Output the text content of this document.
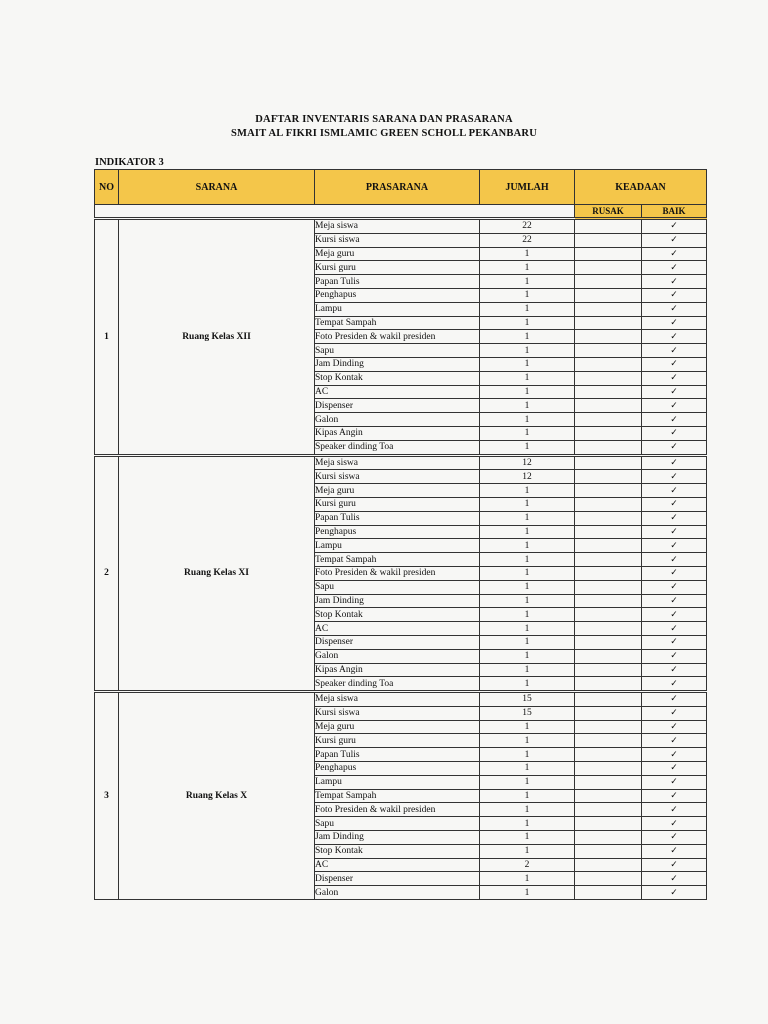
DAFTAR INVENTARIS SARANA DAN PRASARANA
SMAIT AL FIKRI ISMLAMIC GREEN SCHOLL PEKANBARU
INDIKATOR 3
NO	SARANA	PRASARANA	JUMLAH	KEADAAN	
				RUSAK	BAIK
1	Ruang Kelas XII	Meja siswa	22		✓
		Kursi siswa	22		✓
		Meja guru	1		✓
		Kursi guru	1		✓
		Papan Tulis	1		✓
		Penghapus	1		✓
		Lampu	1		✓
		Tempat Sampah	1		✓
		Foto Presiden & wakil presiden	1		✓
		Sapu	1		✓
		Jam Dinding	1		✓
		Stop Kontak	1		✓
		AC	1		✓
		Dispenser	1		✓
		Galon	1		✓
		Kipas Angin	1		✓
		Speaker dinding Toa	1		✓
2	Ruang Kelas XI	Meja siswa	12		✓
		Kursi siswa	12		✓
		Meja guru	1		✓
		Kursi guru	1		✓
		Papan Tulis	1		✓
		Penghapus	1		✓
		Lampu	1		✓
		Tempat Sampah	1		✓
		Foto Presiden & wakil presiden	1		✓
		Sapu	1		✓
		Jam Dinding	1		✓
		Stop Kontak	1		✓
		AC	1		✓
		Dispenser	1		✓
		Galon	1		✓
		Kipas Angin	1		✓
		Speaker dinding Toa	1		✓
3	Ruang Kelas X	Meja siswa	15		✓
		Kursi siswa	15		✓
		Meja guru	1		✓
		Kursi guru	1		✓
		Papan Tulis	1		✓
		Penghapus	1		✓
		Lampu	1		✓
		Tempat Sampah	1		✓
		Foto Presiden & wakil presiden	1		✓
		Sapu	1		✓
		Jam Dinding	1		✓
		Stop Kontak	1		✓
		AC	2		✓
		Dispenser	1		✓
		Galon	1		✓
